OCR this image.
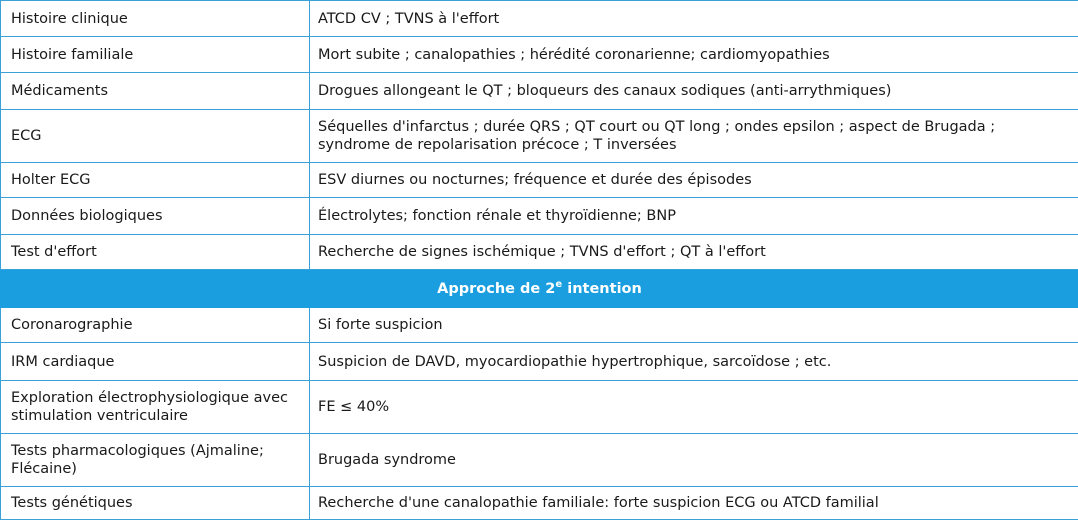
Histoire clinique	ATCD CV ; TVNS à l'effort
Histoire familiale	Mort subite ; canalopathies ; hérédité coronarienne; cardiomyopathies
Médicaments	Drogues allongeant le QT ; bloqueurs des canaux sodiques (anti-arrythmiques)
ECG	Séquelles d'infarctus ; durée QRS ; QT court ou QT long ; ondes epsilon ; aspect de Brugada ; syndrome de repolarisation précoce ; T inversées
Holter ECG	ESV diurnes ou nocturnes; fréquence et durée des épisodes
Données biologiques	Électrolytes; fonction rénale et thyroïdienne; BNP
Test d'effort	Recherche de signes ischémique ; TVNS d'effort ; QT à l'effort
Approche de 2e intention	
Coronarographie	Si forte suspicion
IRM cardiaque	Suspicion de DAVD, myocardiopathie hypertrophique, sarcoïdose ; etc.
Exploration électrophysiologique avec stimulation ventriculaire	FE ≤ 40%
Tests pharmacologiques (Ajmaline; Flécaine)	Brugada syndrome
Tests génétiques	Recherche d'une canalopathie familiale: forte suspicion ECG ou ATCD familial
